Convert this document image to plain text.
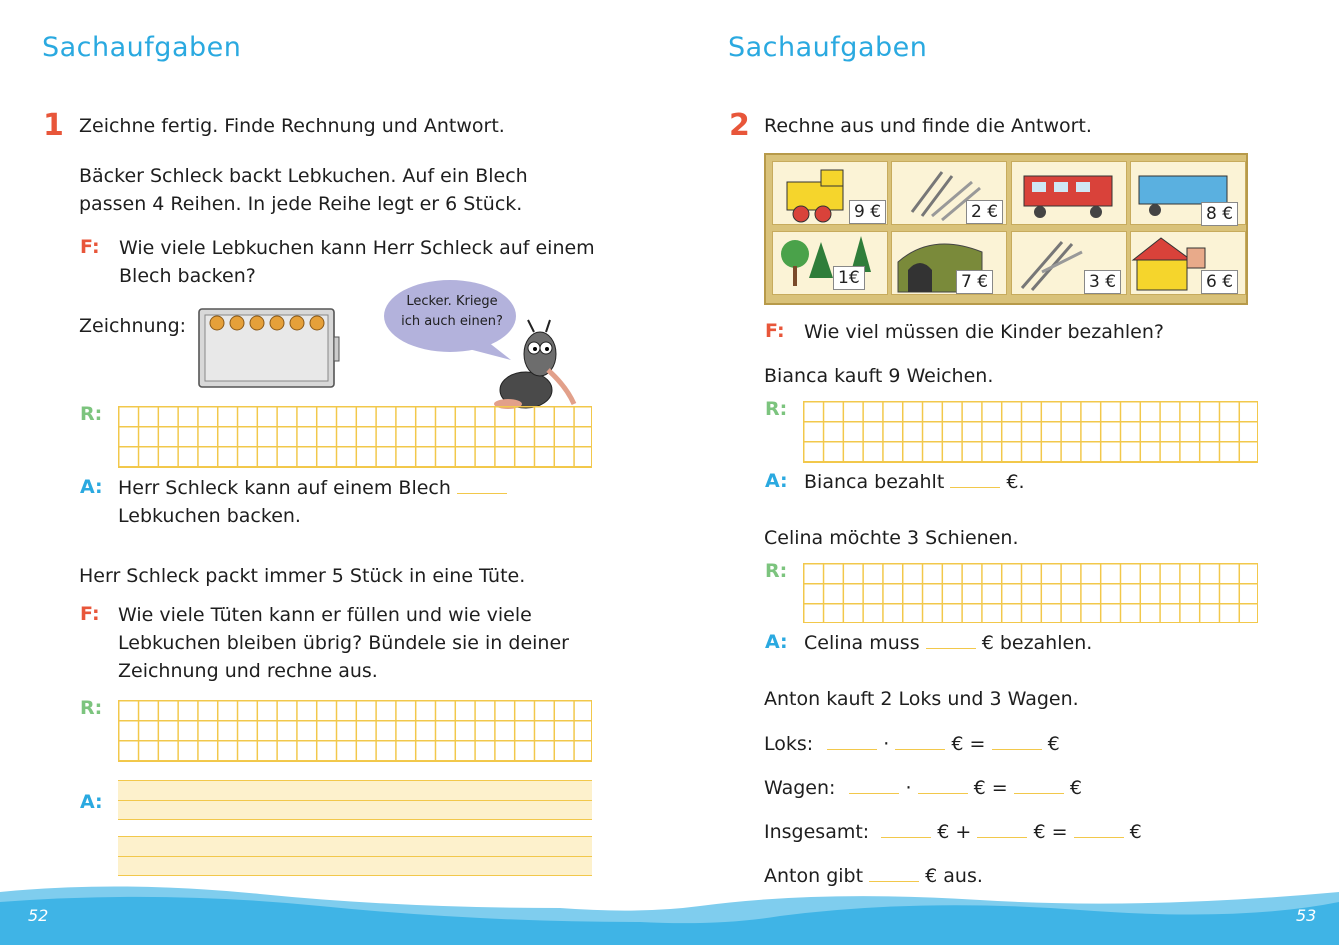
Sachaufgaben
1 Zeichne fertig. Finde Rechnung und Antwort.
Bäcker Schleck backt Lebkuchen. Auf ein Blech
passen 4 Reihen. In jede Reihe legt er 6 Stück.
F: Wie viele Lebkuchen kann Herr Schleck auf einem
Blech backen?
Zeichnung:
Lecker. Kriege
ich auch einen?
R:
A: Herr Schleck kann auf einem Blech
Lebkuchen backen.
Herr Schleck packt immer 5 Stück in eine Tüte.
F: Wie viele Tüten kann er füllen und wie viele
Lebkuchen bleiben übrig? Bündele sie in deiner
Zeichnung und rechne aus.
R:
A:
Sachaufgaben
2 Rechne aus und finde die Antwort.
9 €	2 €	8 €
1€	7 €	3 €	6 €
F: Wie viel müssen die Kinder bezahlen?
Bianca kauft 9 Weichen.
R:
A: Bianca bezahlt	€.
Celina möchte 3 Schienen.
R:
A: Celina muss	€ bezahlen.
Anton kauft 2 Loks und 3 Wagen.
Loks:	·	€ =	€
Wagen:	·	€ =	€
Insgesamt:	€ +	€ =	€
Anton gibt	€ aus.
52	53
